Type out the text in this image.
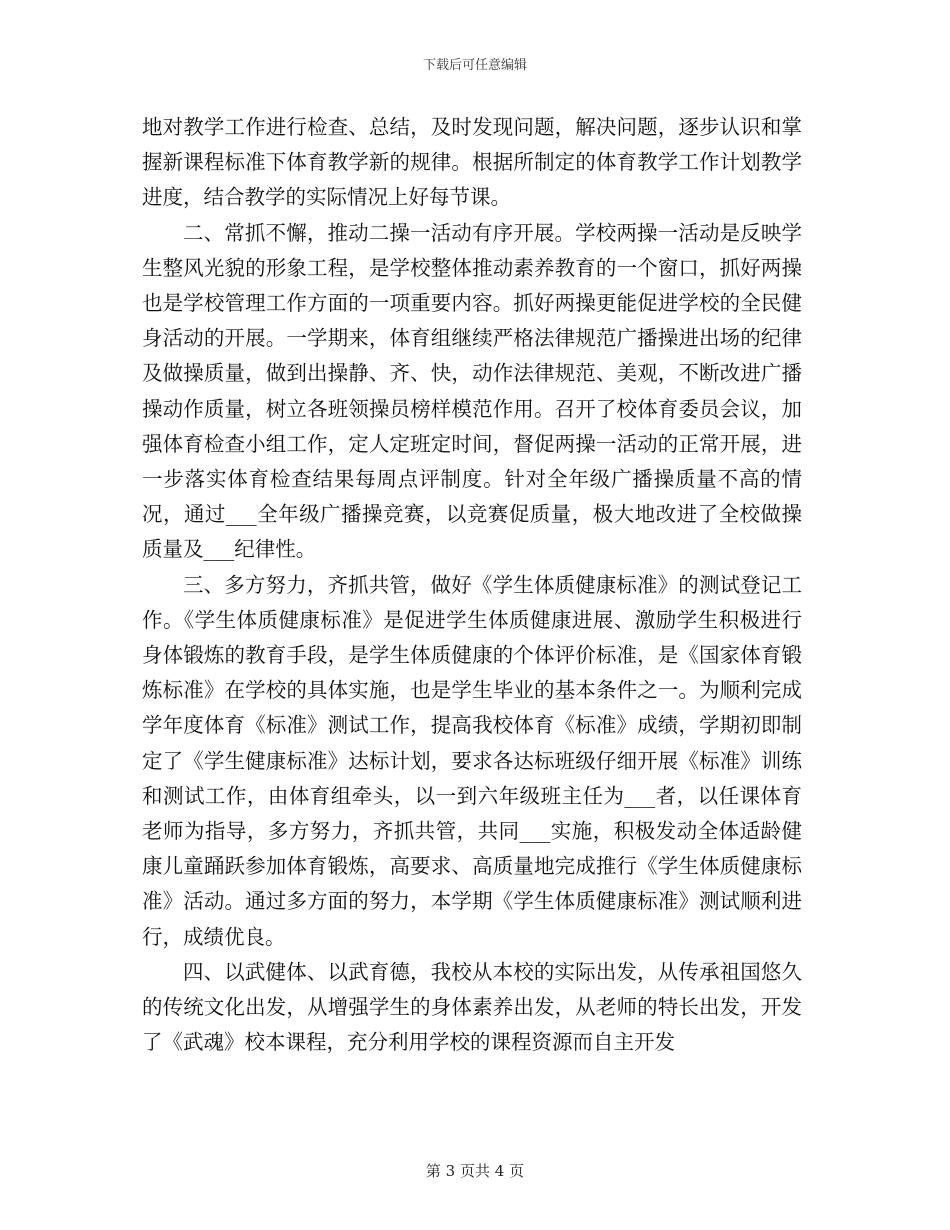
下载后可任意编辑

地对教学工作进行检查、总结，及时发现问题，解决问题，逐步认识和掌握新课程标准下体育教学新的规律。根据所制定的体育教学工作计划教学进度，结合教学的实际情况上好每节课。

二、常抓不懈，推动二操一活动有序开展。学校两操一活动是反映学生整风光貌的形象工程，是学校整体推动素养教育的一个窗口，抓好两操也是学校管理工作方面的一项重要内容。抓好两操更能促进学校的全民健身活动的开展。一学期来，体育组继续严格法律规范广播操进出场的纪律及做操质量，做到出操静、齐、快，动作法律规范、美观，不断改进广播操动作质量，树立各班领操员榜样模范作用。召开了校体育委员会议，加强体育检查小组工作，定人定班定时间，督促两操一活动的正常开展，进一步落实体育检查结果每周点评制度。针对全年级广播操质量不高的情况，通过___全年级广播操竞赛，以竞赛促质量，极大地改进了全校做操质量及___纪律性。

三、多方努力，齐抓共管，做好《学生体质健康标准》的测试登记工作。《学生体质健康标准》是促进学生体质健康进展、激励学生积极进行身体锻炼的教育手段，是学生体质健康的个体评价标准，是《国家体育锻炼标准》在学校的具体实施，也是学生毕业的基本条件之一。为顺利完成学年度体育《标准》测试工作，提高我校体育《标准》成绩，学期初即制定了《学生健康标准》达标计划，要求各达标班级仔细开展《标准》训练和测试工作，由体育组牵头，以一到六年级班主任为___者，以任课体育老师为指导，多方努力，齐抓共管，共同___实施，积极发动全体适龄健康儿童踊跃参加体育锻炼，高要求、高质量地完成推行《学生体质健康标准》活动。通过多方面的努力，本学期《学生体质健康标准》测试顺利进行，成绩优良。

四、以武健体、以武育德，我校从本校的实际出发，从传承祖国悠久的传统文化出发，从增强学生的身体素养出发，从老师的特长出发，开发了《武魂》校本课程，充分利用学校的课程资源而自主开发

第 3 页共 4 页
